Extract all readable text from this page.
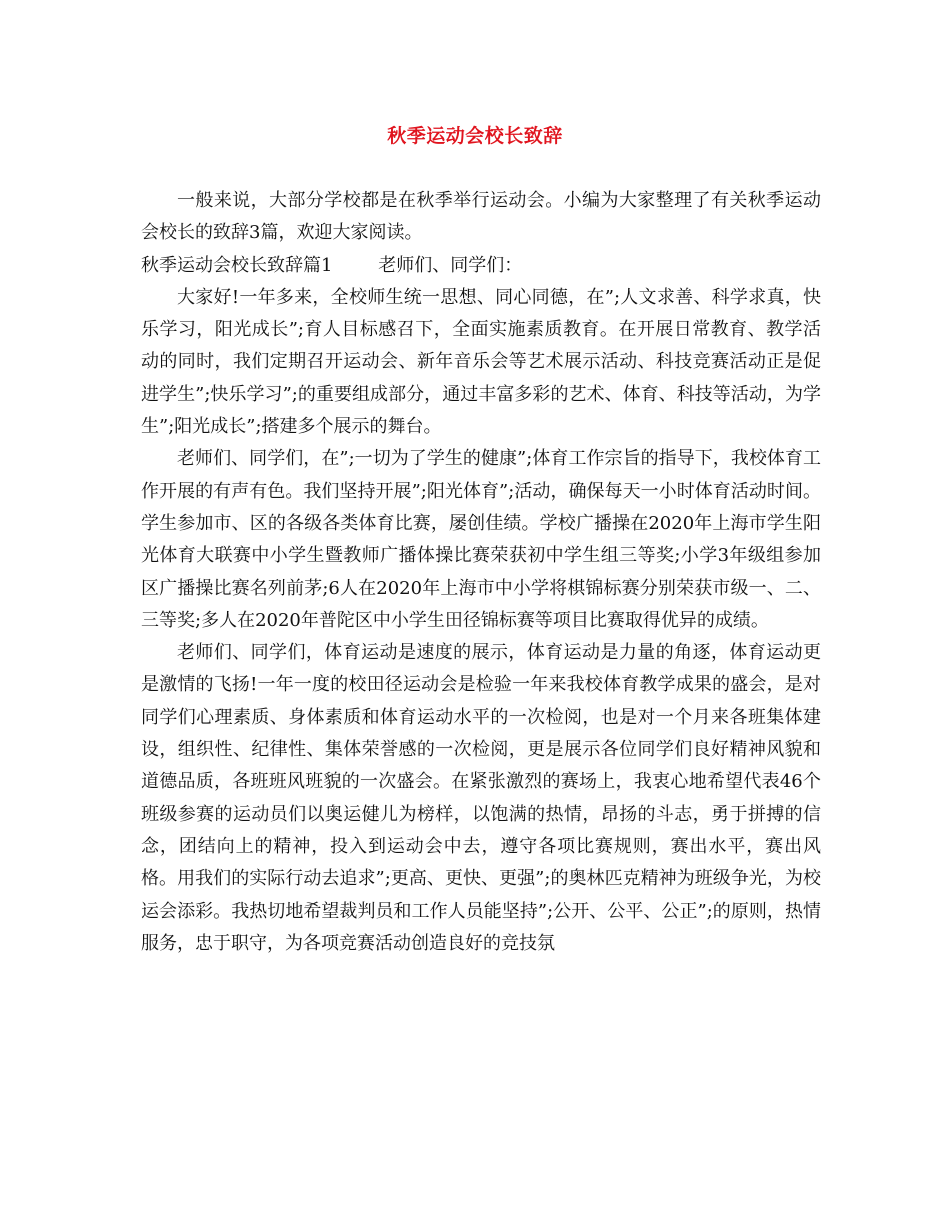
秋季运动会校长致辞

一般来说，大部分学校都是在秋季举行运动会。小编为大家整理了有关秋季运动会校长的致辞3篇，欢迎大家阅读。

秋季运动会校长致辞篇1        老师们、同学们：

大家好!一年多来，全校师生统一思想、同心同德，在”;人文求善、科学求真，快乐学习，阳光成长”;育人目标感召下，全面实施素质教育。在开展日常教育、教学活动的同时，我们定期召开运动会、新年音乐会等艺术展示活动、科技竞赛活动正是促进学生”;快乐学习”;的重要组成部分，通过丰富多彩的艺术、体育、科技等活动，为学生”;阳光成长”;搭建多个展示的舞台。

老师们、同学们，在”;一切为了学生的健康”;体育工作宗旨的指导下，我校体育工作开展的有声有色。我们坚持开展”;阳光体育”;活动，确保每天一小时体育活动时间。学生参加市、区的各级各类体育比赛，屡创佳绩。学校广播操在2020年上海市学生阳光体育大联赛中小学生暨教师广播体操比赛荣获初中学生组三等奖;小学3年级组参加区广播操比赛名列前茅;6人在2020年上海市中小学将棋锦标赛分别荣获市级一、二、三等奖;多人在2020年普陀区中小学生田径锦标赛等项目比赛取得优异的成绩。

老师们、同学们，体育运动是速度的展示，体育运动是力量的角逐，体育运动更是激情的飞扬!一年一度的校田径运动会是检验一年来我校体育教学成果的盛会，是对同学们心理素质、身体素质和体育运动水平的一次检阅，也是对一个月来各班集体建设，组织性、纪律性、集体荣誉感的一次检阅，更是展示各位同学们良好精神风貌和道德品质，各班班风班貌的一次盛会。在紧张激烈的赛场上，我衷心地希望代表46个班级参赛的运动员们以奥运健儿为榜样，以饱满的热情，昂扬的斗志，勇于拼搏的信念，团结向上的精神，投入到运动会中去，遵守各项比赛规则，赛出水平，赛出风格。用我们的实际行动去追求”;更高、更快、更强”;的奥林匹克精神为班级争光，为校运会添彩。我热切地希望裁判员和工作人员能坚持”;公开、公平、公正”;的原则，热情服务，忠于职守，为各项竞赛活动创造良好的竞技氛
